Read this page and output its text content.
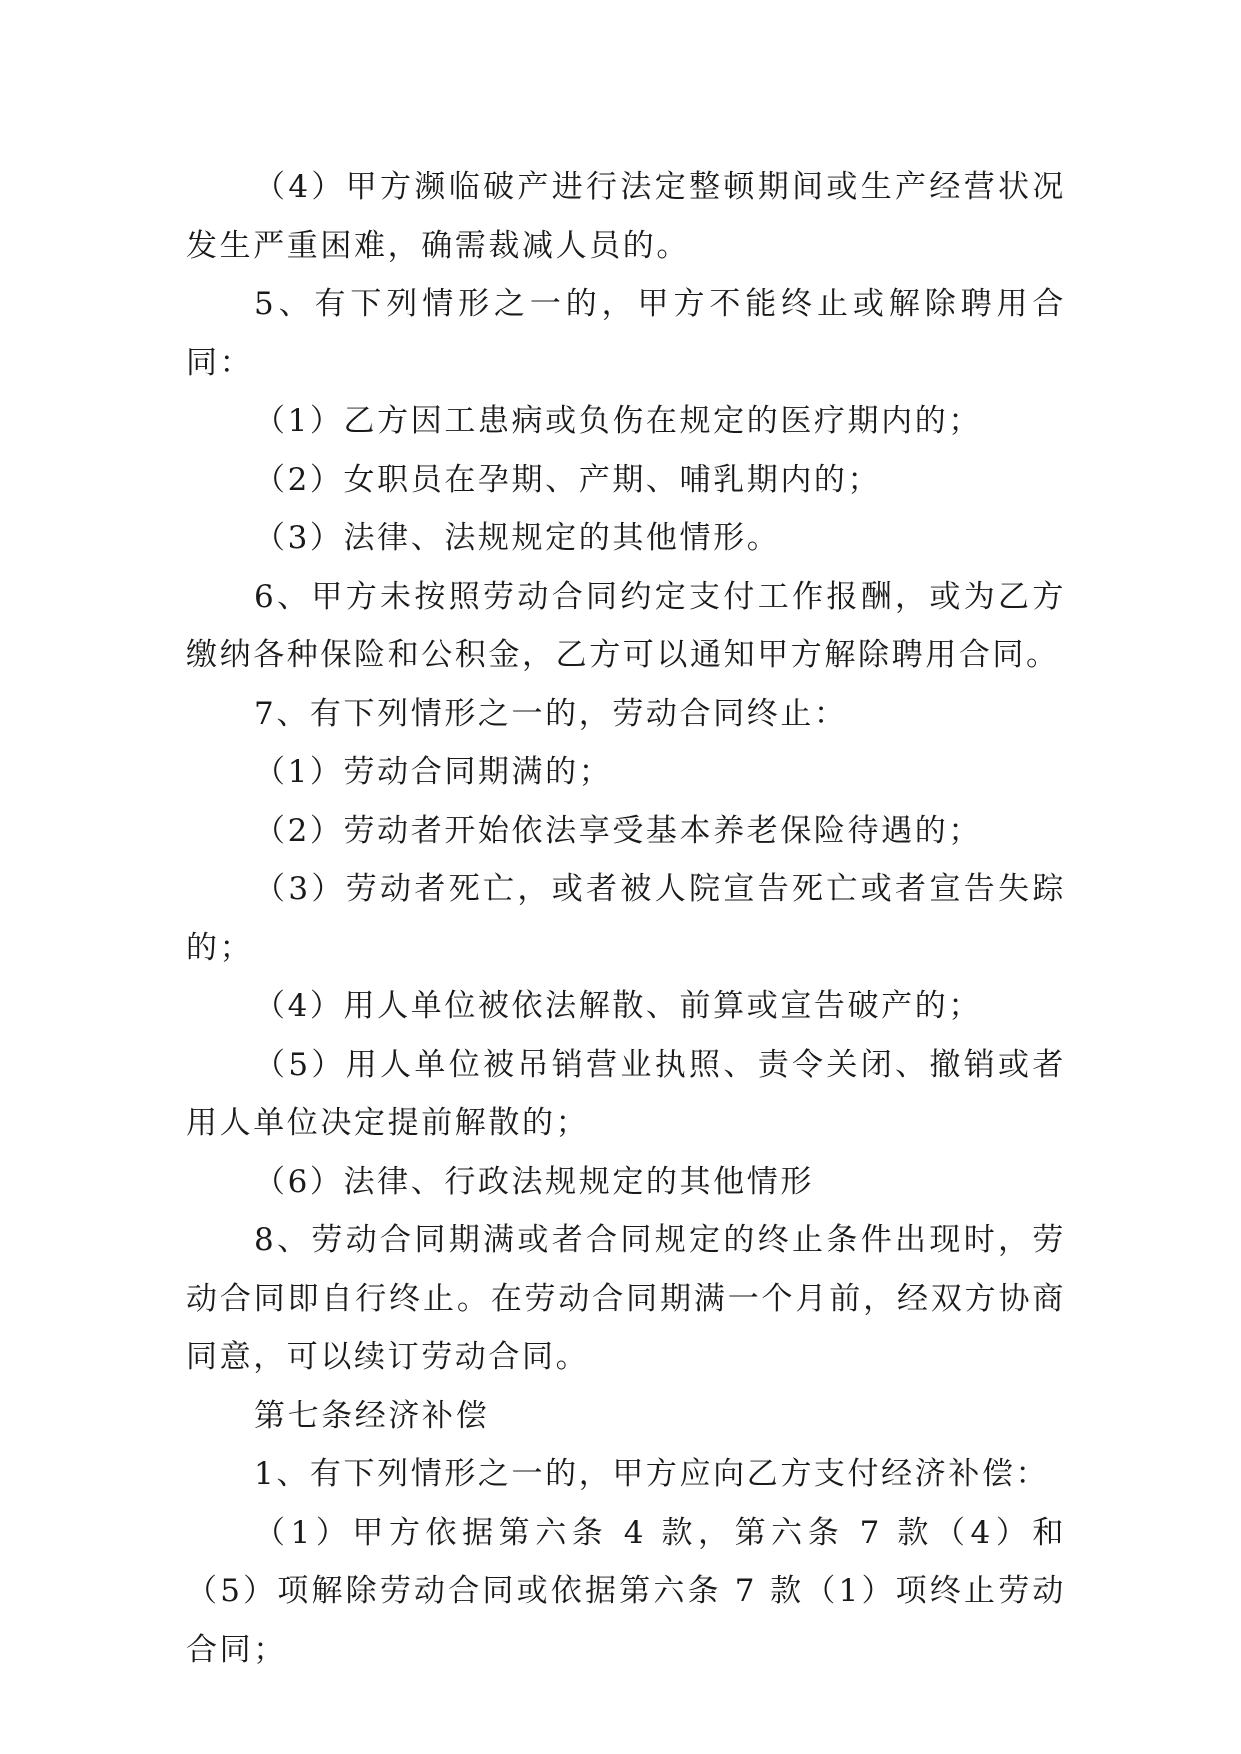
（4）甲方濒临破产进行法定整顿期间或生产经营状况发生严重困难，确需裁减人员的。

5、有下列情形之一的，甲方不能终止或解除聘用合同：

（1）乙方因工患病或负伤在规定的医疗期内的；

（2）女职员在孕期、产期、哺乳期内的；

（3）法律、法规规定的其他情形。

6、甲方未按照劳动合同约定支付工作报酬，或为乙方缴纳各种保险和公积金，乙方可以通知甲方解除聘用合同。

7、有下列情形之一的，劳动合同终止：

（1）劳动合同期满的；

（2）劳动者开始依法享受基本养老保险待遇的；

（3）劳动者死亡，或者被人院宣告死亡或者宣告失踪的；

（4）用人单位被依法解散、前算或宣告破产的；

（5）用人单位被吊销营业执照、责令关闭、撤销或者用人单位决定提前解散的；

（6）法律、行政法规规定的其他情形

8、劳动合同期满或者合同规定的终止条件出现时，劳动合同即自行终止。在劳动合同期满一个月前，经双方协商同意，可以续订劳动合同。

第七条经济补偿

1、有下列情形之一的，甲方应向乙方支付经济补偿：

（1）甲方依据第六条 4 款，第六条 7 款（4）和（5）项解除劳动合同或依据第六条 7 款（1）项终止劳动合同；
